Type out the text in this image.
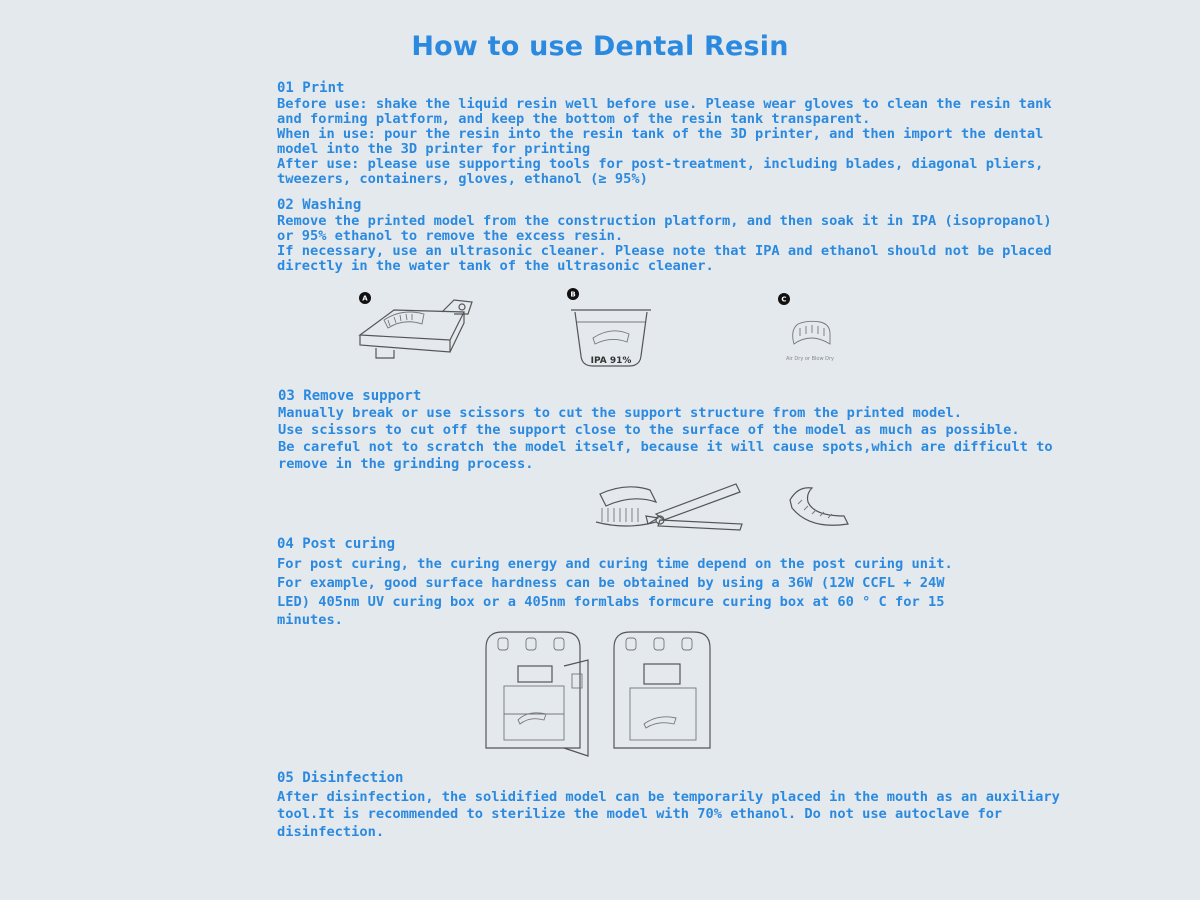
How to use Dental Resin
01 Print
Before use: shake the liquid resin well before use. Please wear gloves to clean the resin tank
and forming platform, and keep the bottom of the resin tank transparent.
When in use: pour the resin into the resin tank of the 3D printer, and then import the dental
model into the 3D printer for printing
After use: please use supporting tools for post-treatment, including blades, diagonal pliers,
tweezers, containers, gloves, ethanol (≥ 95%)
02 Washing
Remove the printed model from the construction platform, and then soak it in IPA (isopropanol)
or 95% ethanol to remove the excess resin.
If necessary, use an ultrasonic cleaner. Please note that IPA and ethanol should not be placed
directly in the water tank of the ultrasonic cleaner.
A	B
IPA 91%
C
Air Dry or Blow Dry
03 Remove support
Manually break or use scissors to cut the support structure from the printed model.
Use scissors to cut off the support close to the surface of the model as much as possible.
Be careful not to scratch the model itself, because it will cause spots,which are difficult to
remove in the grinding process.
04 Post curing
For post curing, the curing energy and curing time depend on the post curing unit.
For example, good surface hardness can be obtained by using a 36W (12W CCFL + 24W
LED) 405nm UV curing box or a 405nm formlabs formcure curing box at 60 ° C for 15
minutes.
05 Disinfection
After disinfection, the solidified model can be temporarily placed in the mouth as an auxiliary
tool.It is recommended to sterilize the model with 70% ethanol. Do not use autoclave for
disinfection.
